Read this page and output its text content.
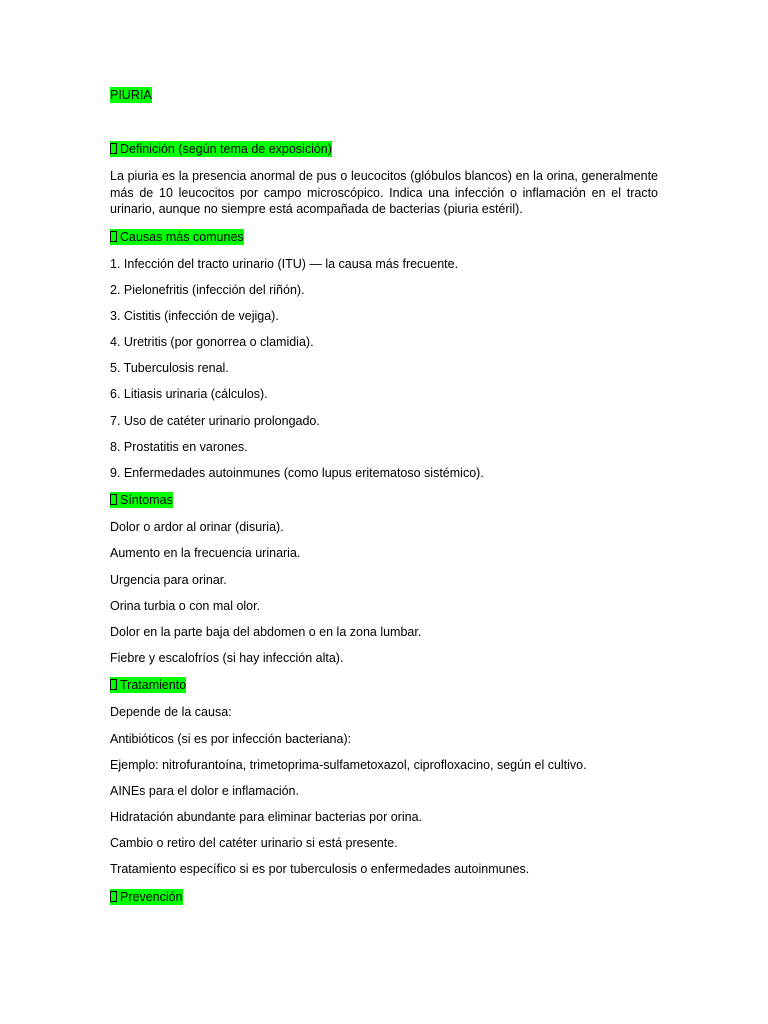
PIURIA
Definición (según tema de exposición)
La piuria es la presencia anormal de pus o leucocitos (glóbulos blancos) en la orina, generalmente más de 10 leucocitos por campo microscópico. Indica una infección o inflamación en el tracto urinario, aunque no siempre está acompañada de bacterias (piuria estéril).
Causas más comunes
1. Infección del tracto urinario (ITU) — la causa más frecuente.
2. Pielonefritis (infección del riñón).
3. Cistitis (infección de vejiga).
4. Uretritis (por gonorrea o clamidia).
5. Tuberculosis renal.
6. Litiasis urinaria (cálculos).
7. Uso de catéter urinario prolongado.
8. Prostatitis en varones.
9. Enfermedades autoinmunes (como lupus eritematoso sistémico).
Síntomas
Dolor o ardor al orinar (disuria).
Aumento en la frecuencia urinaria.
Urgencia para orinar.
Orina turbia o con mal olor.
Dolor en la parte baja del abdomen o en la zona lumbar.
Fiebre y escalofríos (si hay infección alta).
Tratamiento
Depende de la causa:
Antibióticos (si es por infección bacteriana):
Ejemplo: nitrofurantoína, trimetoprima-sulfametoxazol, ciprofloxacino, según el cultivo.
AINEs para el dolor e inflamación.
Hidratación abundante para eliminar bacterias por orina.
Cambio o retiro del catéter urinario si está presente.
Tratamiento específico si es por tuberculosis o enfermedades autoinmunes.
Prevención
